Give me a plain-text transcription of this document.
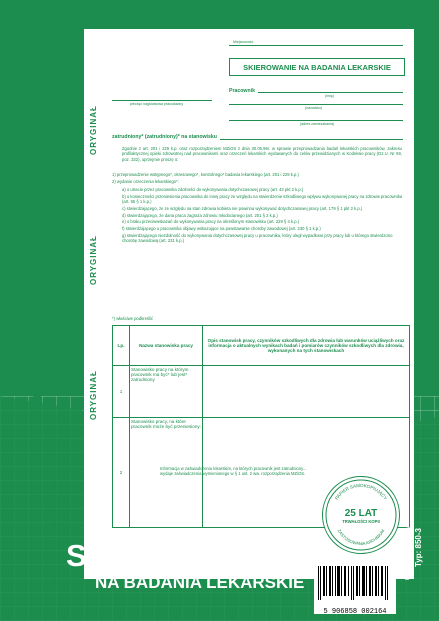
ORYGINAŁ
ORYGINAŁ
ORYGINAŁ
© Michalczyk i Prokop tel. 32 243 20 91 · fax 32 243 19 80 · ul. Ks. Sokołowska 7 · 41-608 Świętochłowice
Miejscowość
SKIEROWANIE NA BADANIA LEKARSKIE
pieczęć nagłówkowa pracodawcy
Pracownik
(imię)
(nazwisko)
(adres zamieszkania)
zatrudniony* (zatrudniony)* na stanowisku
Zgodnie z art. 201 i 229 k.p. oraz rozporządzeniem MZiOS z dnia 30.05.96r. w sprawie przeprowadzania badań lekarskich pracowników, zakresu profilaktycznej opieki zdrowotnej nad pracownikami oraz orzeczeń lekarskich wydawanych do celów przewidzianych w Kodeksie pracy (Dz.U. Nr 69, poz. 332), uprzejmie proszę o:
1) przeprowadzenie wstępnego*, okresowego*, kontrolnego* badania lekarskiego (art. 201 i 229 k.p.)
2) wydanie orzeczenia lekarskiego*:
a) o utracie przez pracownika zdolności do wykonywania dotychczasowej pracy (art. 43 pkt 2 k.p.)
b) o konieczności przeniesienia pracownika do innej pracy ze względu na stwierdzenie szkodliwego wpływu wykonywanej pracy na zdrowie pracownika (art. 55 § 1 k.p.)
c) stwierdzającego, że ze względu na stan zdrowia kobieta nie powinna wykonywać dotychczasowej pracy (art. 179 § 1 pkt 2 k.p.)
d) stwierdzającego, że dana praca zagraża zdrowiu młodocianego (art. 201 § 2 k.p.)
e) o braku przeciwwskazań do wykonywania pracy na określonym stanowisku (art. 229 § 4 k.p.)
f) stwierdzającego u pracownika objawy wskazujące na powstawanie choroby zawodowej (art. 230 § 1 k.p.)
g) stwierdzającego niezdolność do wykonywania dotychczasowej pracy u pracownika, który uległ wypadkowi przy pracy lub u którego stwierdzono chorobę zawodową (art. 231 k.p.)
*) właściwe podkreślić
Lp.	Nazwa stanowiska pracy	Opis stanowisk pracy, czynników szkodliwych dla zdrowia lub warunków uciążliwych oraz informacja o aktualnych wynikach badań i pomiarów czynników szkodliwych dla zdrowia, wykonanych na tych stanowiskach
1	Stanowisko pracy na którym pracownik ma być* lub jest* zatrudniony	
2	Stanowisko pracy, na które pracownik może być przeniesiony:	
Informacja w zaświadczeniu lekarskim, na których pracownik jest zatrudniony... wydaje zaświadczenia wymienionego w § 1 ust. 2 ww. rozporządzenia MZiOS.
SKIEROWANIE
NA BADANIA LEKARSKIE
PAPIER SAMOKOPIUJĄCY
25 LAT
TRWAŁOŚCI KOPII
ZASTOSOWANIA ARCHIWUM
5 906858 002164
DRUK SAMOKOPIUJĄCY Typ: 850-3
